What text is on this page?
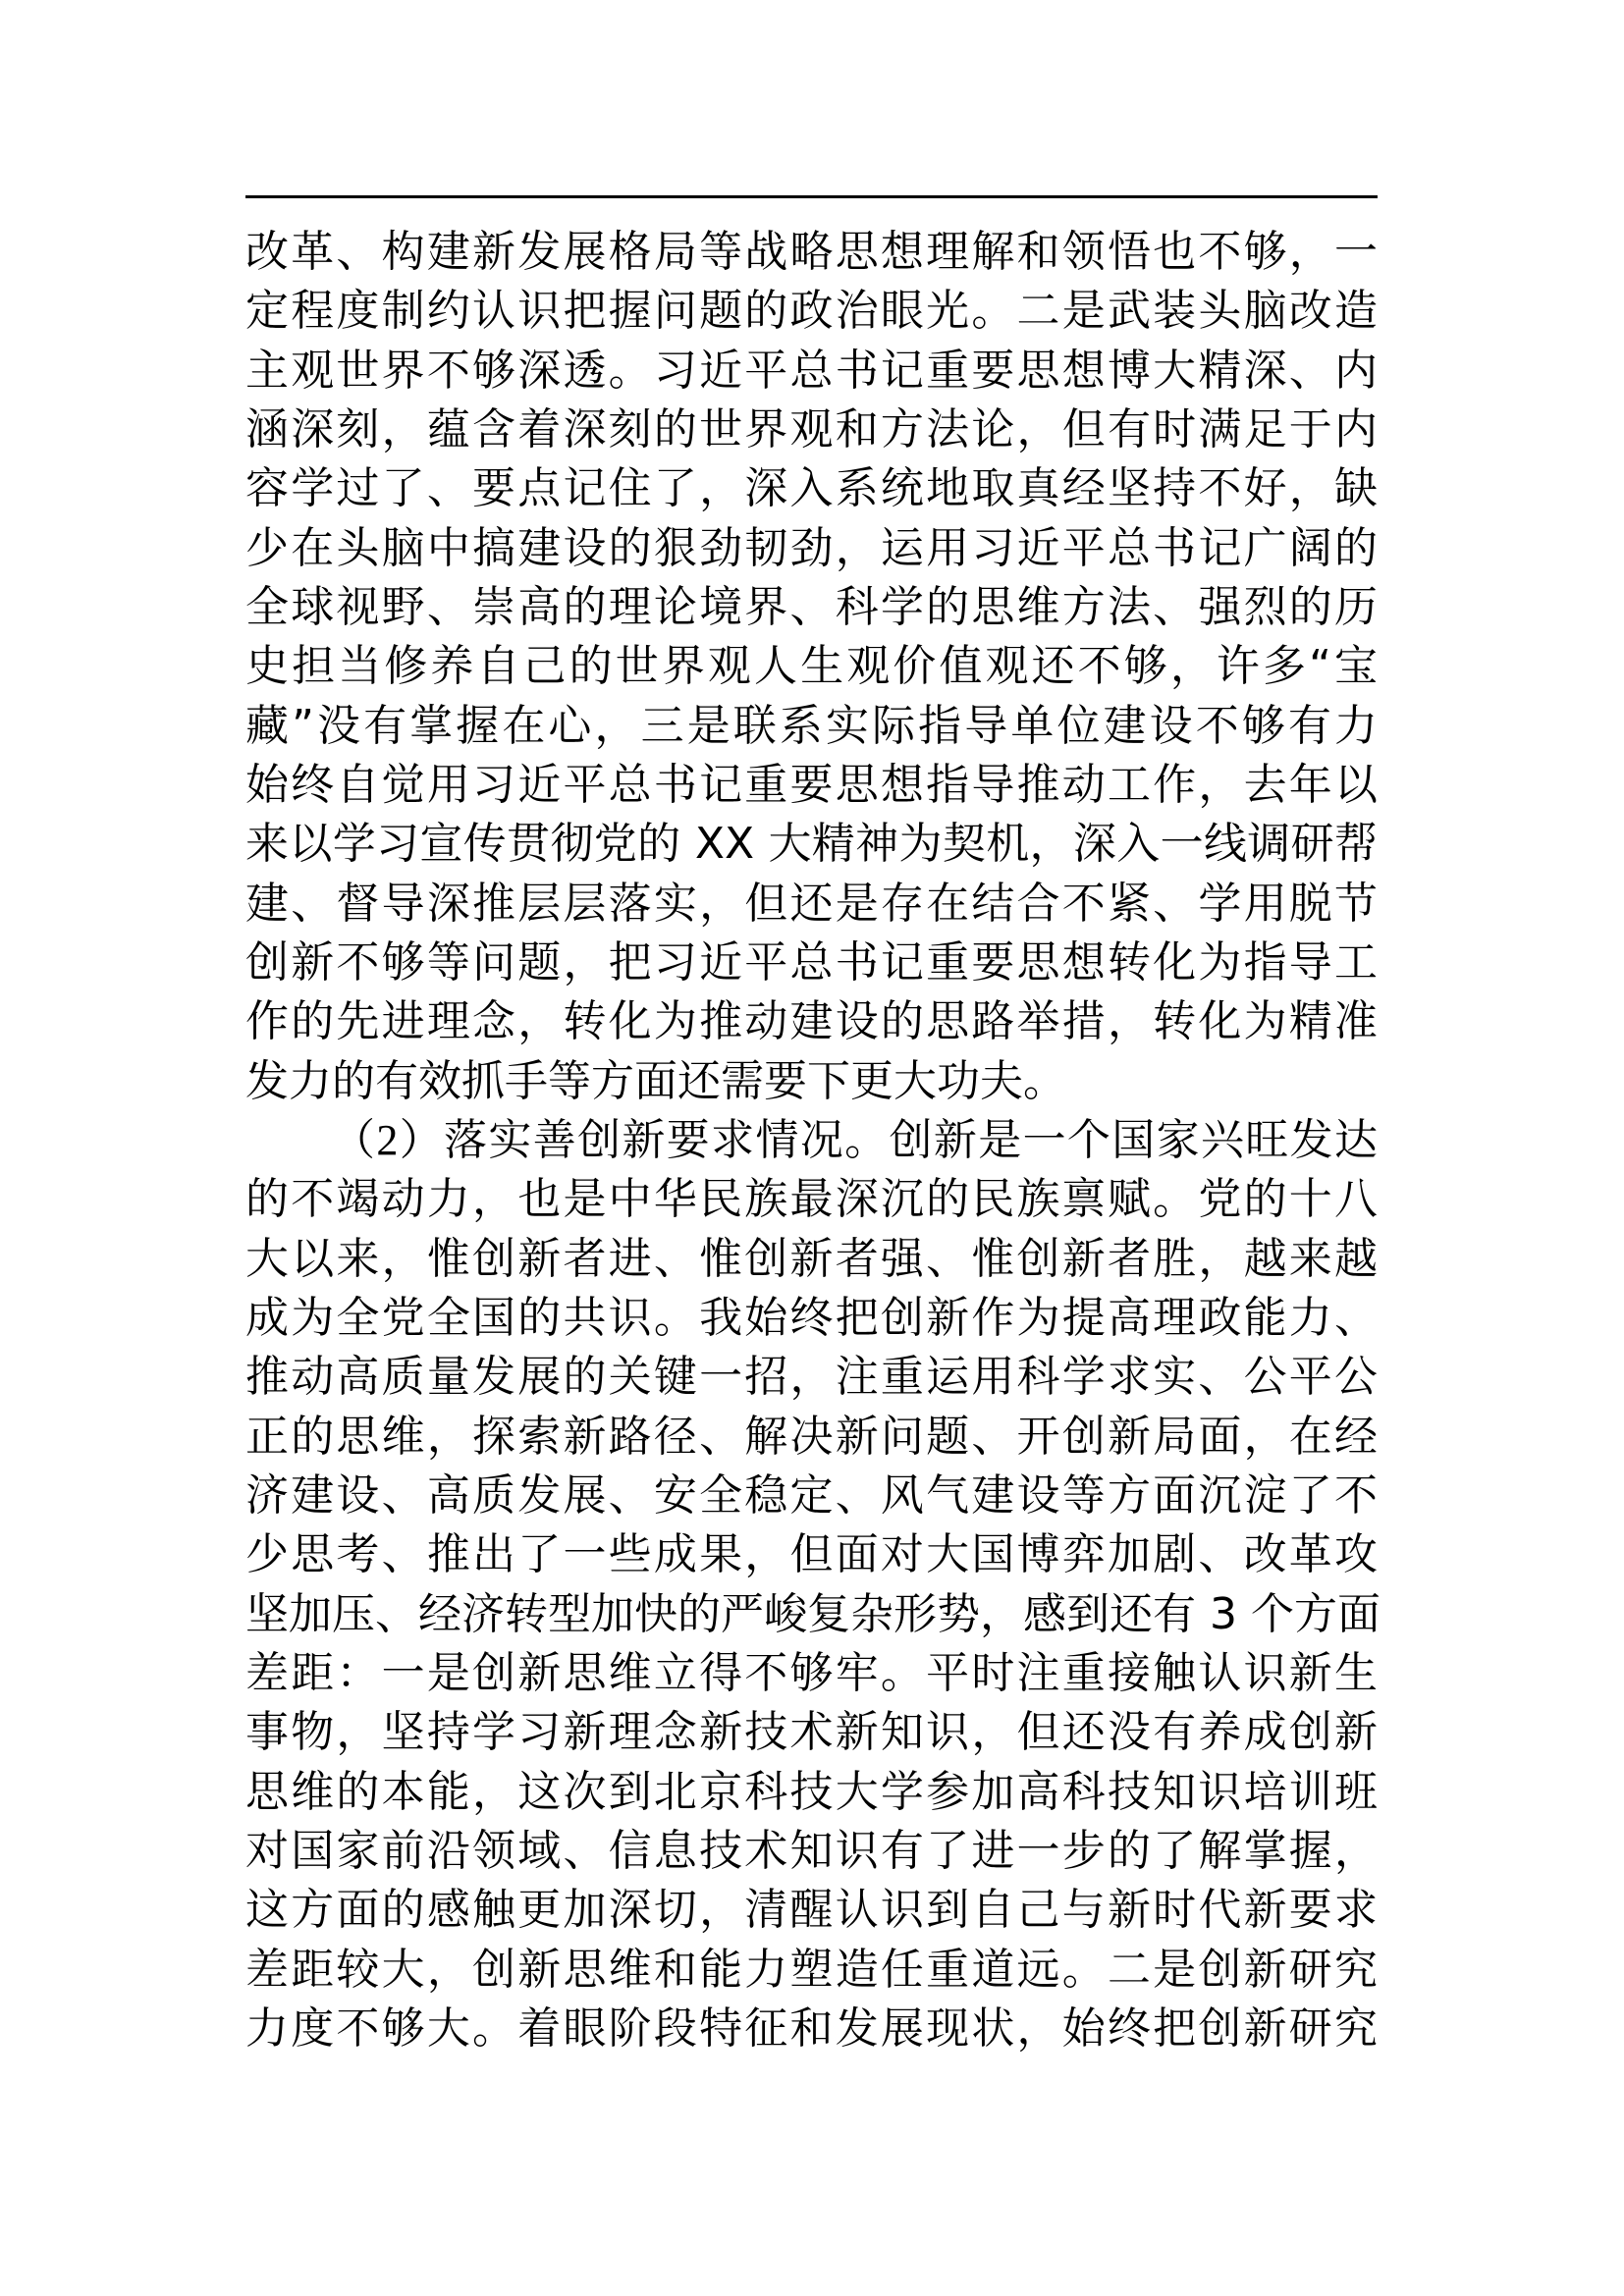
改革、构建新发展格局等战略思想理解和领悟也不够，一
定程度制约认识把握问题的政治眼光。二是武装头脑改造
主观世界不够深透。习近平总书记重要思想博大精深、内
涵深刻，蕴含着深刻的世界观和方法论，但有时满足于内
容学过了、要点记住了，深入系统地取真经坚持不好，缺
少在头脑中搞建设的狠劲韧劲，运用习近平总书记广阔的
全球视野、崇高的理论境界、科学的思维方法、强烈的历
史担当修养自己的世界观人生观价值观还不够，许多“宝
藏”没有掌握在心，三是联系实际指导单位建设不够有力
始终自觉用习近平总书记重要思想指导推动工作，去年以
来以学习宣传贯彻党的 XX 大精神为契机，深入一线调研帮
建、督导深推层层落实，但还是存在结合不紧、学用脱节
创新不够等问题，把习近平总书记重要思想转化为指导工
作的先进理念，转化为推动建设的思路举措，转化为精准
发力的有效抓手等方面还需要下更大功夫。
（2）落实善创新要求情况。创新是一个国家兴旺发达
的不竭动力，也是中华民族最深沉的民族禀赋。党的十八
大以来，惟创新者进、惟创新者强、惟创新者胜，越来越
成为全党全国的共识。我始终把创新作为提高理政能力、
推动高质量发展的关键一招，注重运用科学求实、公平公
正的思维，探索新路径、解决新问题、开创新局面，在经
济建设、高质发展、安全稳定、风气建设等方面沉淀了不
少思考、推出了一些成果，但面对大国博弈加剧、改革攻
坚加压、经济转型加快的严峻复杂形势，感到还有 3 个方面
差距：一是创新思维立得不够牢。平时注重接触认识新生
事物，坚持学习新理念新技术新知识，但还没有养成创新
思维的本能，这次到北京科技大学参加高科技知识培训班
对国家前沿领域、信息技术知识有了进一步的了解掌握，
这方面的感触更加深切，清醒认识到自己与新时代新要求
差距较大，创新思维和能力塑造任重道远。二是创新研究
力度不够大。着眼阶段特征和发展现状，始终把创新研究
